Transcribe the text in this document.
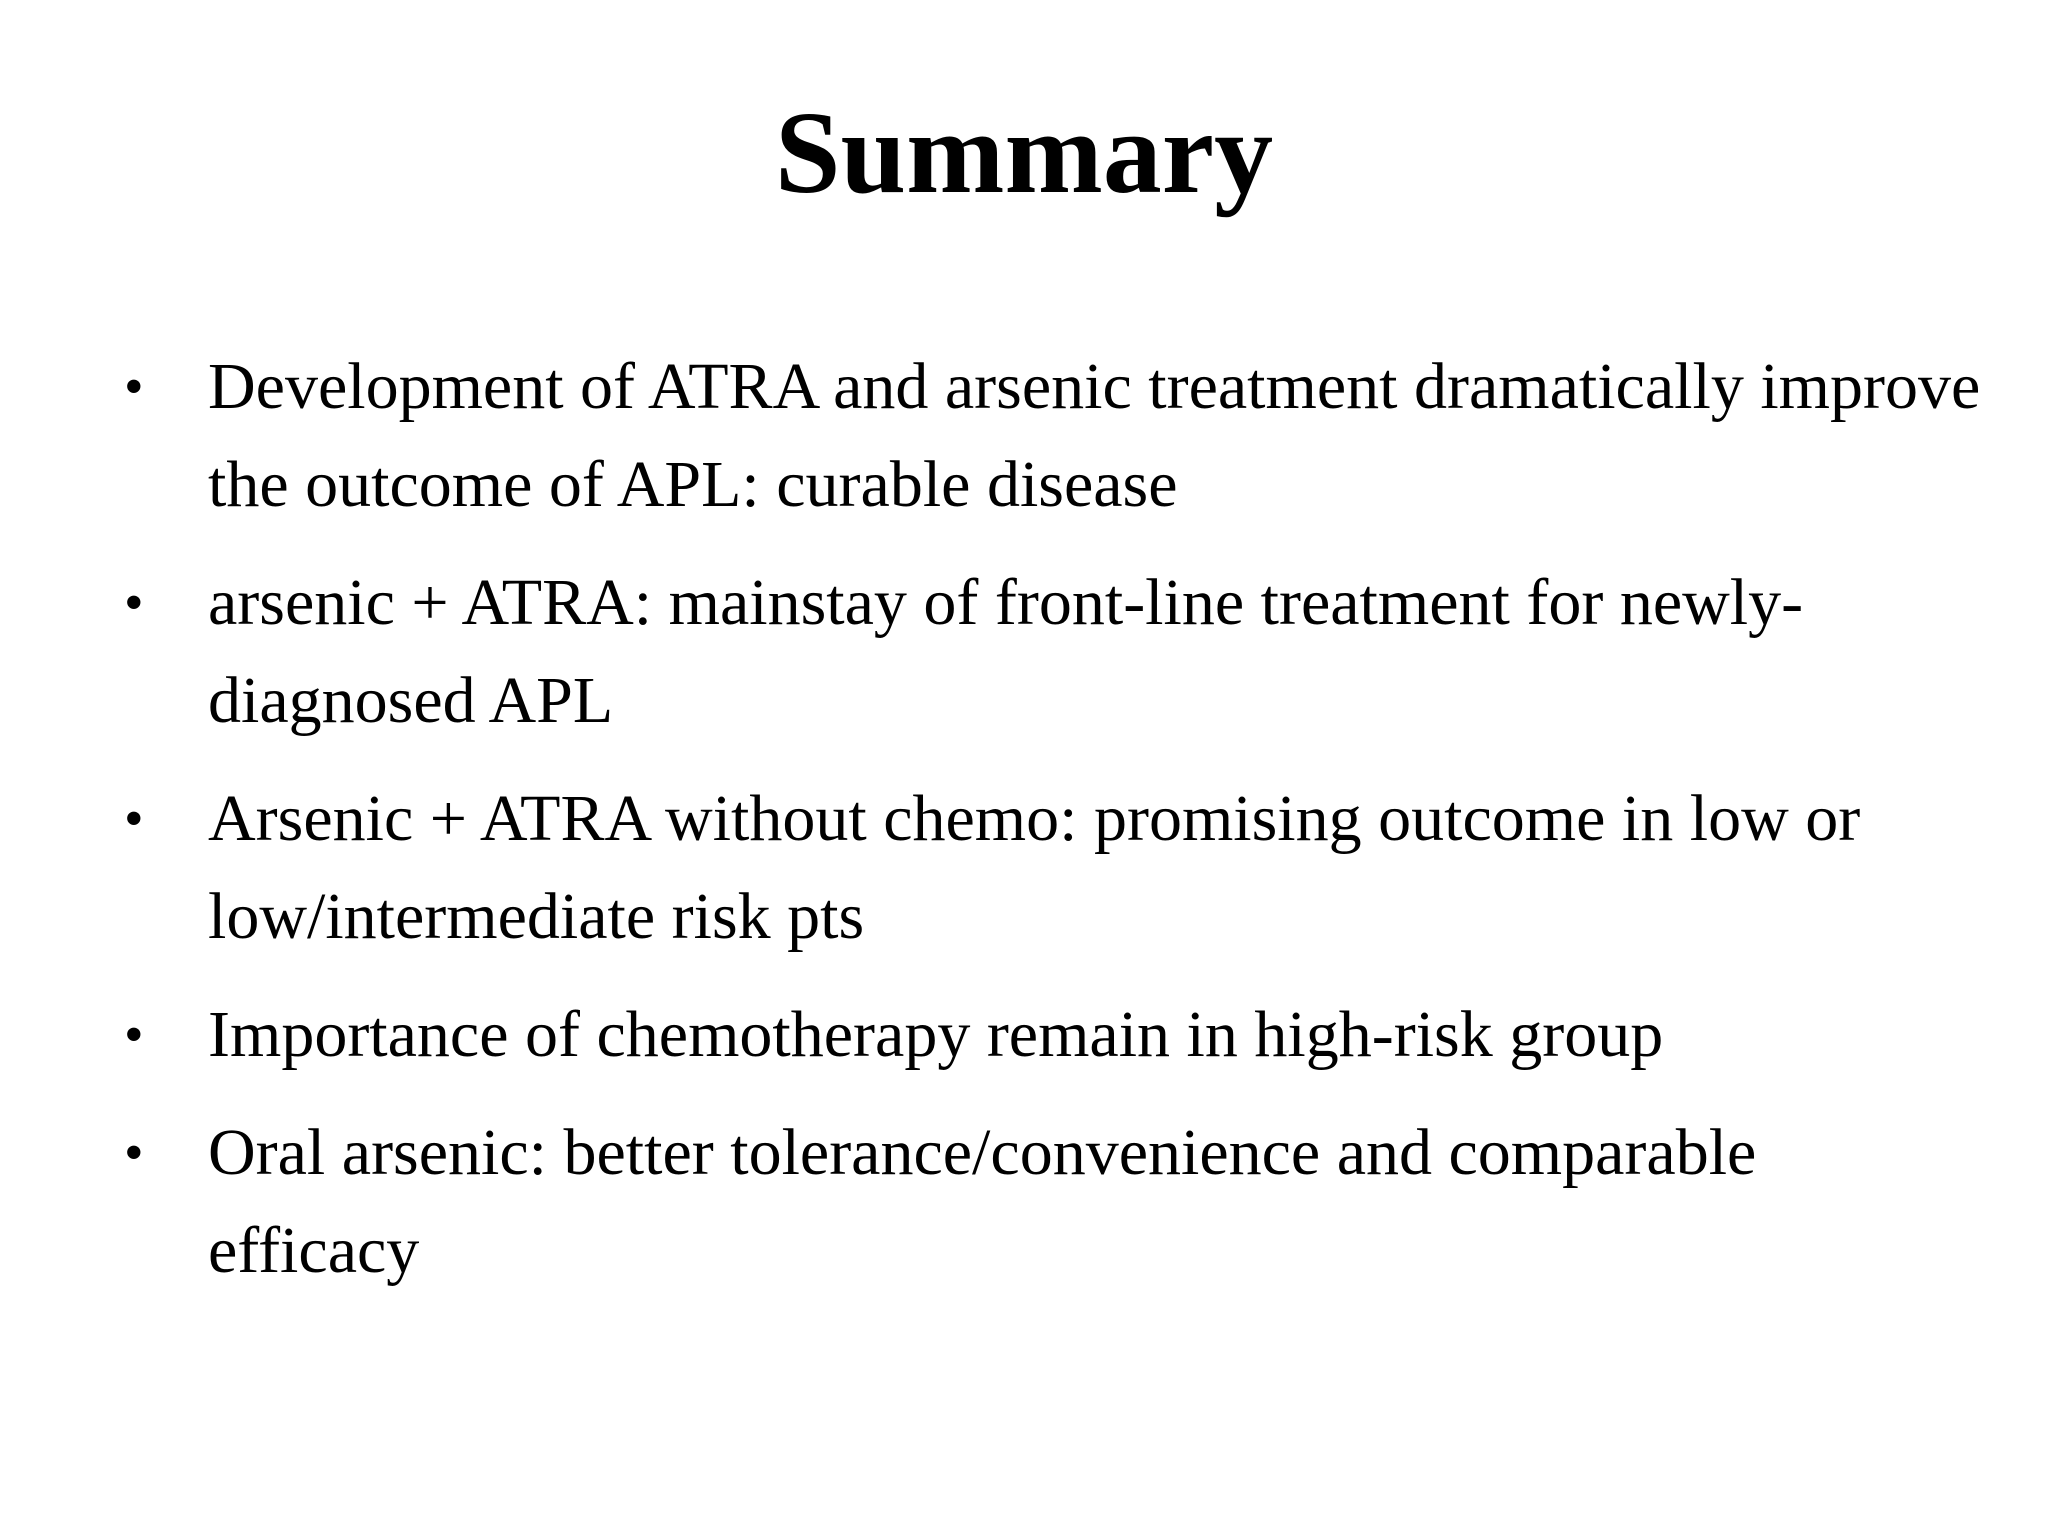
Summary
• Development of ATRA and arsenic treatment dramatically improve the outcome of APL: curable disease
• arsenic + ATRA: mainstay of front-line treatment for newly-diagnosed APL
• Arsenic + ATRA without chemo: promising outcome in low or low/intermediate risk pts
• Importance of chemotherapy remain in high-risk group
• Oral arsenic: better tolerance/convenience and comparable efficacy
